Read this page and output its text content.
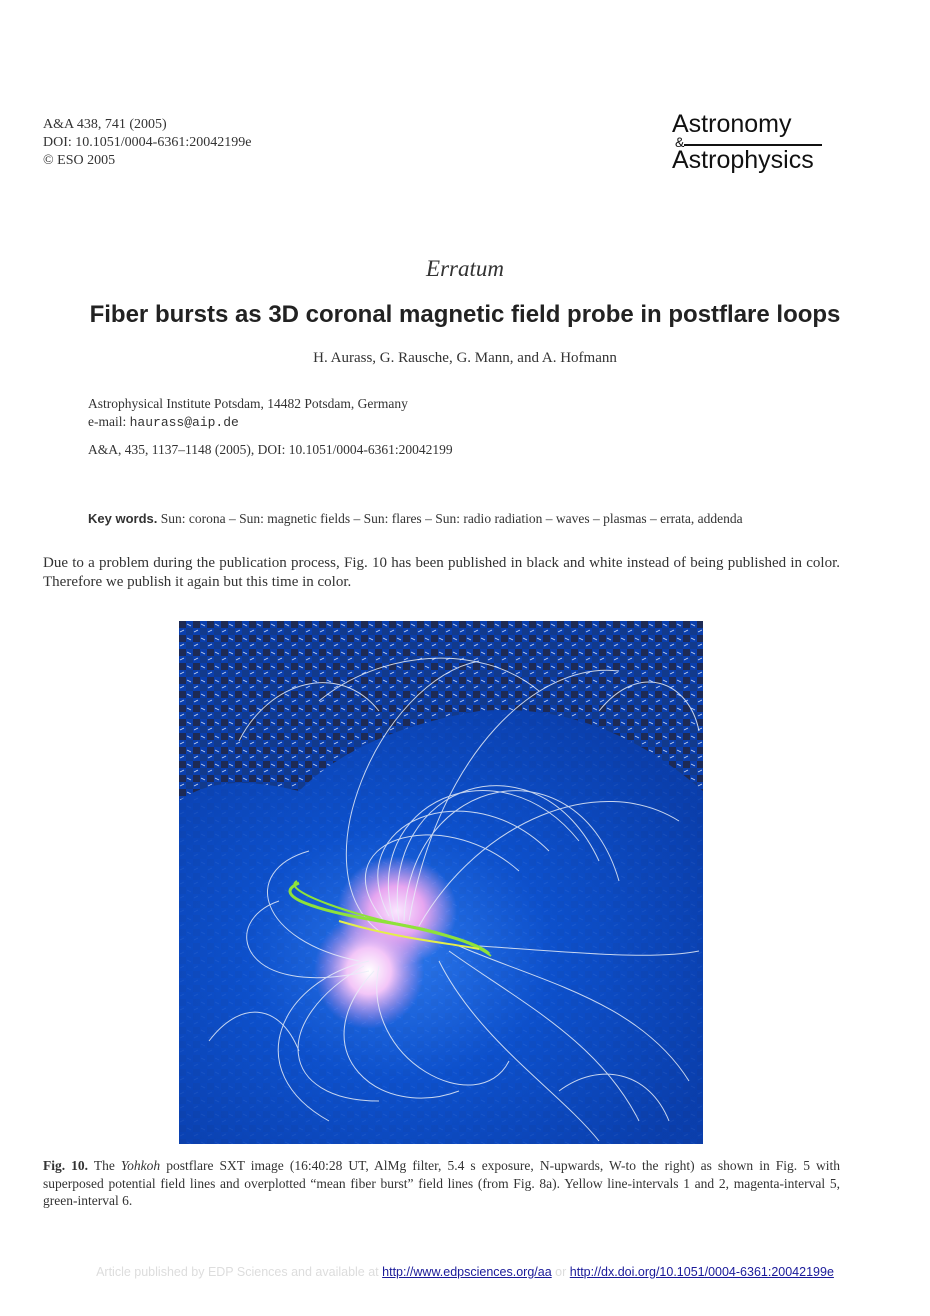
A&A 438, 741 (2005)
DOI: 10.1051/0004-6361:20042199e
© ESO 2005
Astronomy
&
Astrophysics
Erratum
Fiber bursts as 3D coronal magnetic field probe in postflare loops
H. Aurass, G. Rausche, G. Mann, and A. Hofmann
Astrophysical Institute Potsdam, 14482 Potsdam, Germany
e-mail: haurass@aip.de
A&A, 435, 1137–1148 (2005), DOI: 10.1051/0004-6361:20042199
Key words. Sun: corona – Sun: magnetic fields – Sun: flares – Sun: radio radiation – waves – plasmas – errata, addenda
Due to a problem during the publication process, Fig. 10 has been published in black and white instead of being published in color. Therefore we publish it again but this time in color.
Fig. 10. The Yohkoh postflare SXT image (16:40:28 UT, AlMg filter, 5.4 s exposure, N-upwards, W-to the right) as shown in Fig. 5 with superposed potential field lines and overplotted “mean fiber burst” field lines (from Fig. 8a). Yellow line-intervals 1 and 2, magenta-interval 5, green-interval 6.
Article published by EDP Sciences and available at http://www.edpsciences.org/aa or http://dx.doi.org/10.1051/0004-6361:20042199e
